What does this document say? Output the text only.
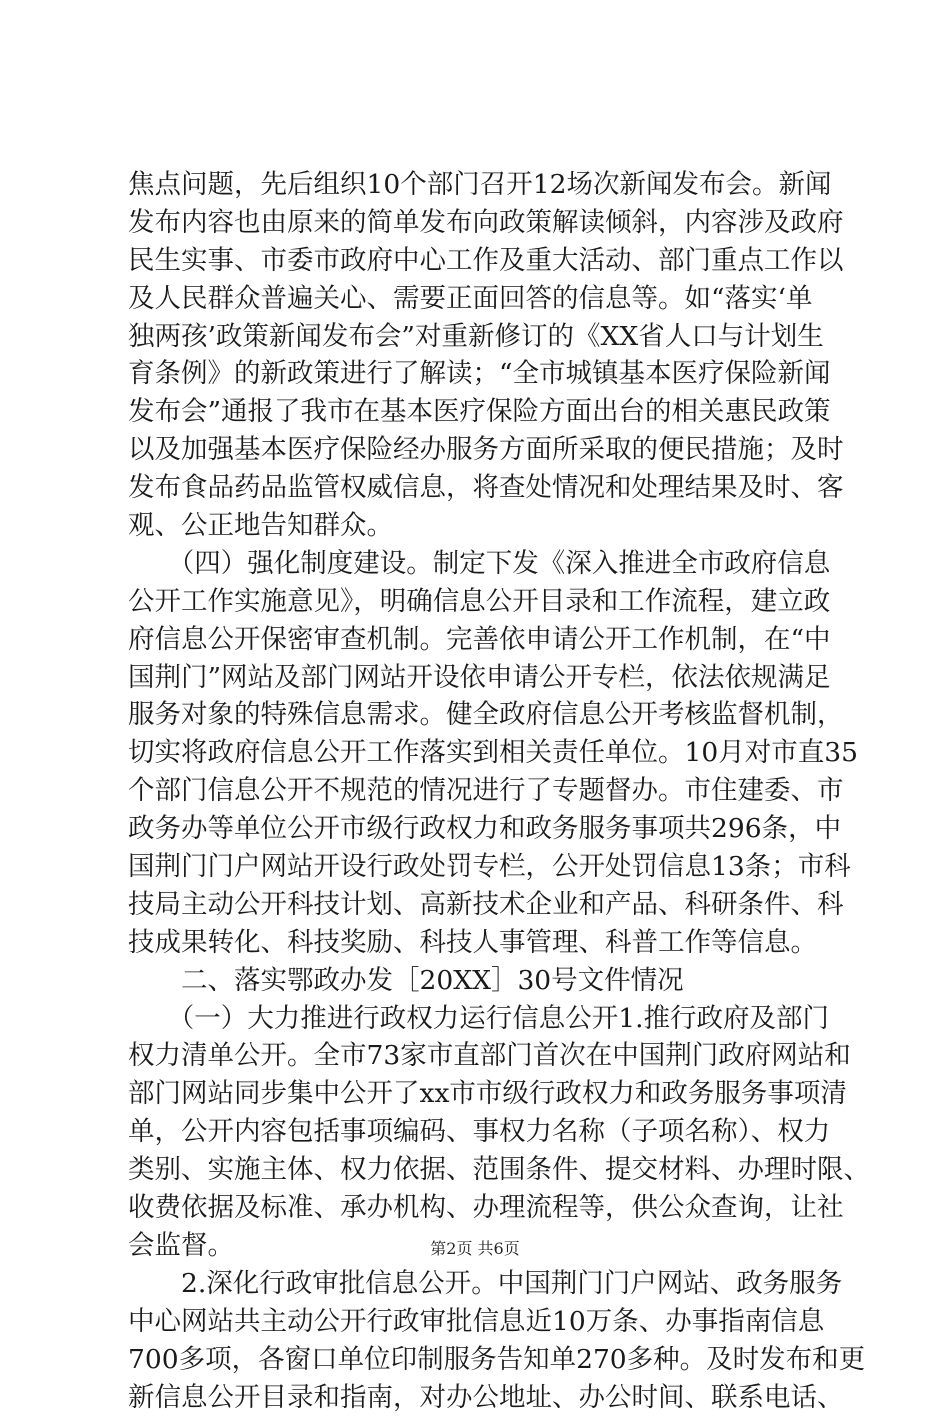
焦点问题，先后组织10个部门召开12场次新闻发布会。新闻
发布内容也由原来的简单发布向政策解读倾斜，内容涉及政府
民生实事、市委市政府中心工作及重大活动、部门重点工作以
及人民群众普遍关心、需要正面回答的信息等。如“落实‘单
独两孩’政策新闻发布会”对重新修订的《XX省人口与计划生
育条例》的新政策进行了解读；“全市城镇基本医疗保险新闻
发布会”通报了我市在基本医疗保险方面出台的相关惠民政策
以及加强基本医疗保险经办服务方面所采取的便民措施；及时
发布食品药品监管权威信息，将查处情况和处理结果及时、客
观、公正地告知群众。
　　（四）强化制度建设。制定下发《深入推进全市政府信息
公开工作实施意见》，明确信息公开目录和工作流程，建立政
府信息公开保密审查机制。完善依申请公开工作机制，在“中
国荆门”网站及部门网站开设依申请公开专栏，依法依规满足
服务对象的特殊信息需求。健全政府信息公开考核监督机制，
切实将政府信息公开工作落实到相关责任单位。10月对市直35
个部门信息公开不规范的情况进行了专题督办。市住建委、市
政务办等单位公开市级行政权力和政务服务事项共296条，中
国荆门门户网站开设行政处罚专栏，公开处罚信息13条；市科
技局主动公开科技计划、高新技术企业和产品、科研条件、科
技成果转化、科技奖励、科技人事管理、科普工作等信息。
　　二、落实鄂政办发［20XX］30号文件情况
　　（一）大力推进行政权力运行信息公开1.推行政府及部门
权力清单公开。全市73家市直部门首次在中国荆门政府网站和
部门网站同步集中公开了xx市市级行政权力和政务服务事项清
单，公开内容包括事项编码、事权力名称（子项名称）、权力
类别、实施主体、权力依据、范围条件、提交材料、办理时限、
收费依据及标准、承办机构、办理流程等，供公众查询，让社
会监督。
　　2.深化行政审批信息公开。中国荆门门户网站、政务服务
中心网站共主动公开行政审批信息近10万条、办事指南信息
700多项，各窗口单位印制服务告知单270多种。及时发布和更
新信息公开目录和指南，对办公地址、办公时间、联系电话、
第2页 共6页
